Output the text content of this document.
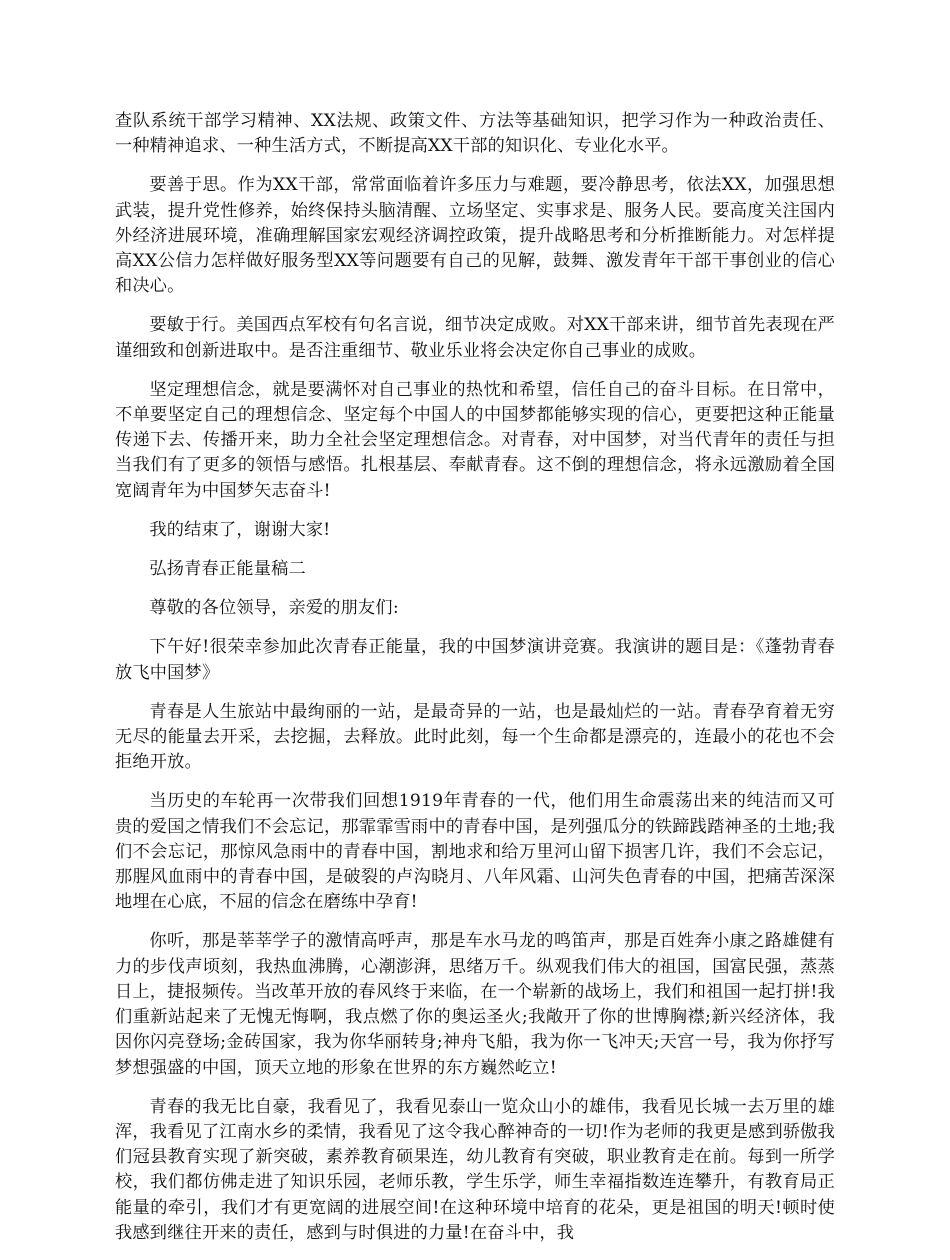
查队系统干部学习精神、XX法规、政策文件、方法等基础知识，把学习作为一种政治责任、一种精神追求、一种生活方式，不断提高XX干部的知识化、专业化水平。

要善于思。作为XX干部，常常面临着许多压力与难题，要冷静思考，依法XX，加强思想武装，提升党性修养，始终保持头脑清醒、立场坚定、实事求是、服务人民。要高度关注国内外经济进展环境，准确理解国家宏观经济调控政策，提升战略思考和分析推断能力。对怎样提高XX公信力怎样做好服务型XX等问题要有自己的见解，鼓舞、激发青年干部干事创业的信心和决心。

要敏于行。美国西点军校有句名言说，细节决定成败。对XX干部来讲，细节首先表现在严谨细致和创新进取中。是否注重细节、敬业乐业将会决定你自己事业的成败。

坚定理想信念，就是要满怀对自己事业的热忱和希望，信任自己的奋斗目标。在日常中，不单要坚定自己的理想信念、坚定每个中国人的中国梦都能够实现的信心，更要把这种正能量传递下去、传播开来，助力全社会坚定理想信念。对青春，对中国梦，对当代青年的责任与担当我们有了更多的领悟与感悟。扎根基层、奉献青春。这不倒的理想信念，将永远激励着全国宽阔青年为中国梦矢志奋斗!

我的结束了，谢谢大家!

弘扬青春正能量稿二

尊敬的各位领导，亲爱的朋友们:

下午好!很荣幸参加此次青春正能量，我的中国梦演讲竞赛。我演讲的题目是：《蓬勃青春放飞中国梦》

青春是人生旅站中最绚丽的一站，是最奇异的一站，也是最灿烂的一站。青春孕育着无穷无尽的能量去开采，去挖掘，去释放。此时此刻，每一个生命都是漂亮的，连最小的花也不会拒绝开放。

当历史的车轮再一次带我们回想1919年青春的一代，他们用生命震荡出来的纯洁而又可贵的爱国之情我们不会忘记，那霏霏雪雨中的青春中国，是列强瓜分的铁蹄践踏神圣的土地;我们不会忘记，那惊风急雨中的青春中国，割地求和给万里河山留下损害几许，我们不会忘记，那腥风血雨中的青春中国，是破裂的卢沟晓月、八年风霜、山河失色青春的中国，把痛苦深深地埋在心底，不屈的信念在磨练中孕育!

你听，那是莘莘学子的激情高呼声，那是车水马龙的鸣笛声，那是百姓奔小康之路雄健有力的步伐声顷刻，我热血沸腾，心潮澎湃，思绪万千。纵观我们伟大的祖国，国富民强，蒸蒸日上，捷报频传。当改革开放的春风终于来临，在一个崭新的战场上，我们和祖国一起打拼!我们重新站起来了无愧无悔啊，我点燃了你的奥运圣火;我敞开了你的世博胸襟;新兴经济体，我因你闪亮登场;金砖国家，我为你华丽转身;神舟飞船，我为你一飞冲天;天宫一号，我为你抒写梦想强盛的中国，顶天立地的形象在世界的东方巍然屹立!

青春的我无比自豪，我看见了，我看见泰山一览众山小的雄伟，我看见长城一去万里的雄浑，我看见了江南水乡的柔情，我看见了这令我心醉神奇的一切!作为老师的我更是感到骄傲我们冠县教育实现了新突破，素养教育硕果连，幼儿教育有突破，职业教育走在前。每到一所学校，我们都仿佛走进了知识乐园，老师乐教，学生乐学，师生幸福指数连连攀升，有教育局正能量的牵引，我们才有更宽阔的进展空间!在这种环境中培育的花朵，更是祖国的明天!顿时使我感到继往开来的责任，感到与时俱进的力量!在奋斗中，我
